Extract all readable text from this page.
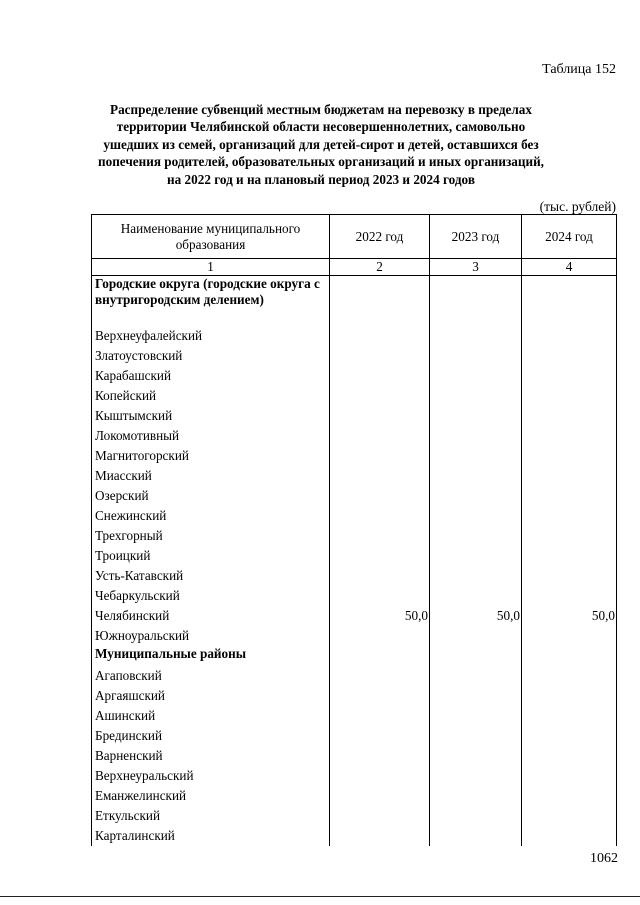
Таблица 152
Распределение субвенций местным бюджетам на перевозку в пределах территории Челябинской области несовершеннолетних, самовольно ушедших из семей, организаций для детей-сирот и детей, оставшихся без попечения родителей, образовательных организаций и иных организаций, на 2022 год и на плановый период 2023 и 2024 годов
(тыс. рублей)
Наименование муниципального образования	2022 год	2023 год	2024 год
1	2	3	4
Городские округа (городские округа с внутригородским делением)			
Верхнеуфалейский			
Златоустовский			
Карабашский			
Копейский			
Кыштымский			
Локомотивный			
Магнитогорский			
Миасский			
Озерский			
Снежинский			
Трехгорный			
Троицкий			
Усть-Катавский			
Чебаркульский			
Челябинский	50,0	50,0	50,0
Южноуральский			
Муниципальные районы			
Агаповский			
Аргаяшский			
Ашинский			
Брединский			
Варненский			
Верхнеуральский			
Еманжелинский			
Еткульский			
Карталинский			
1062
